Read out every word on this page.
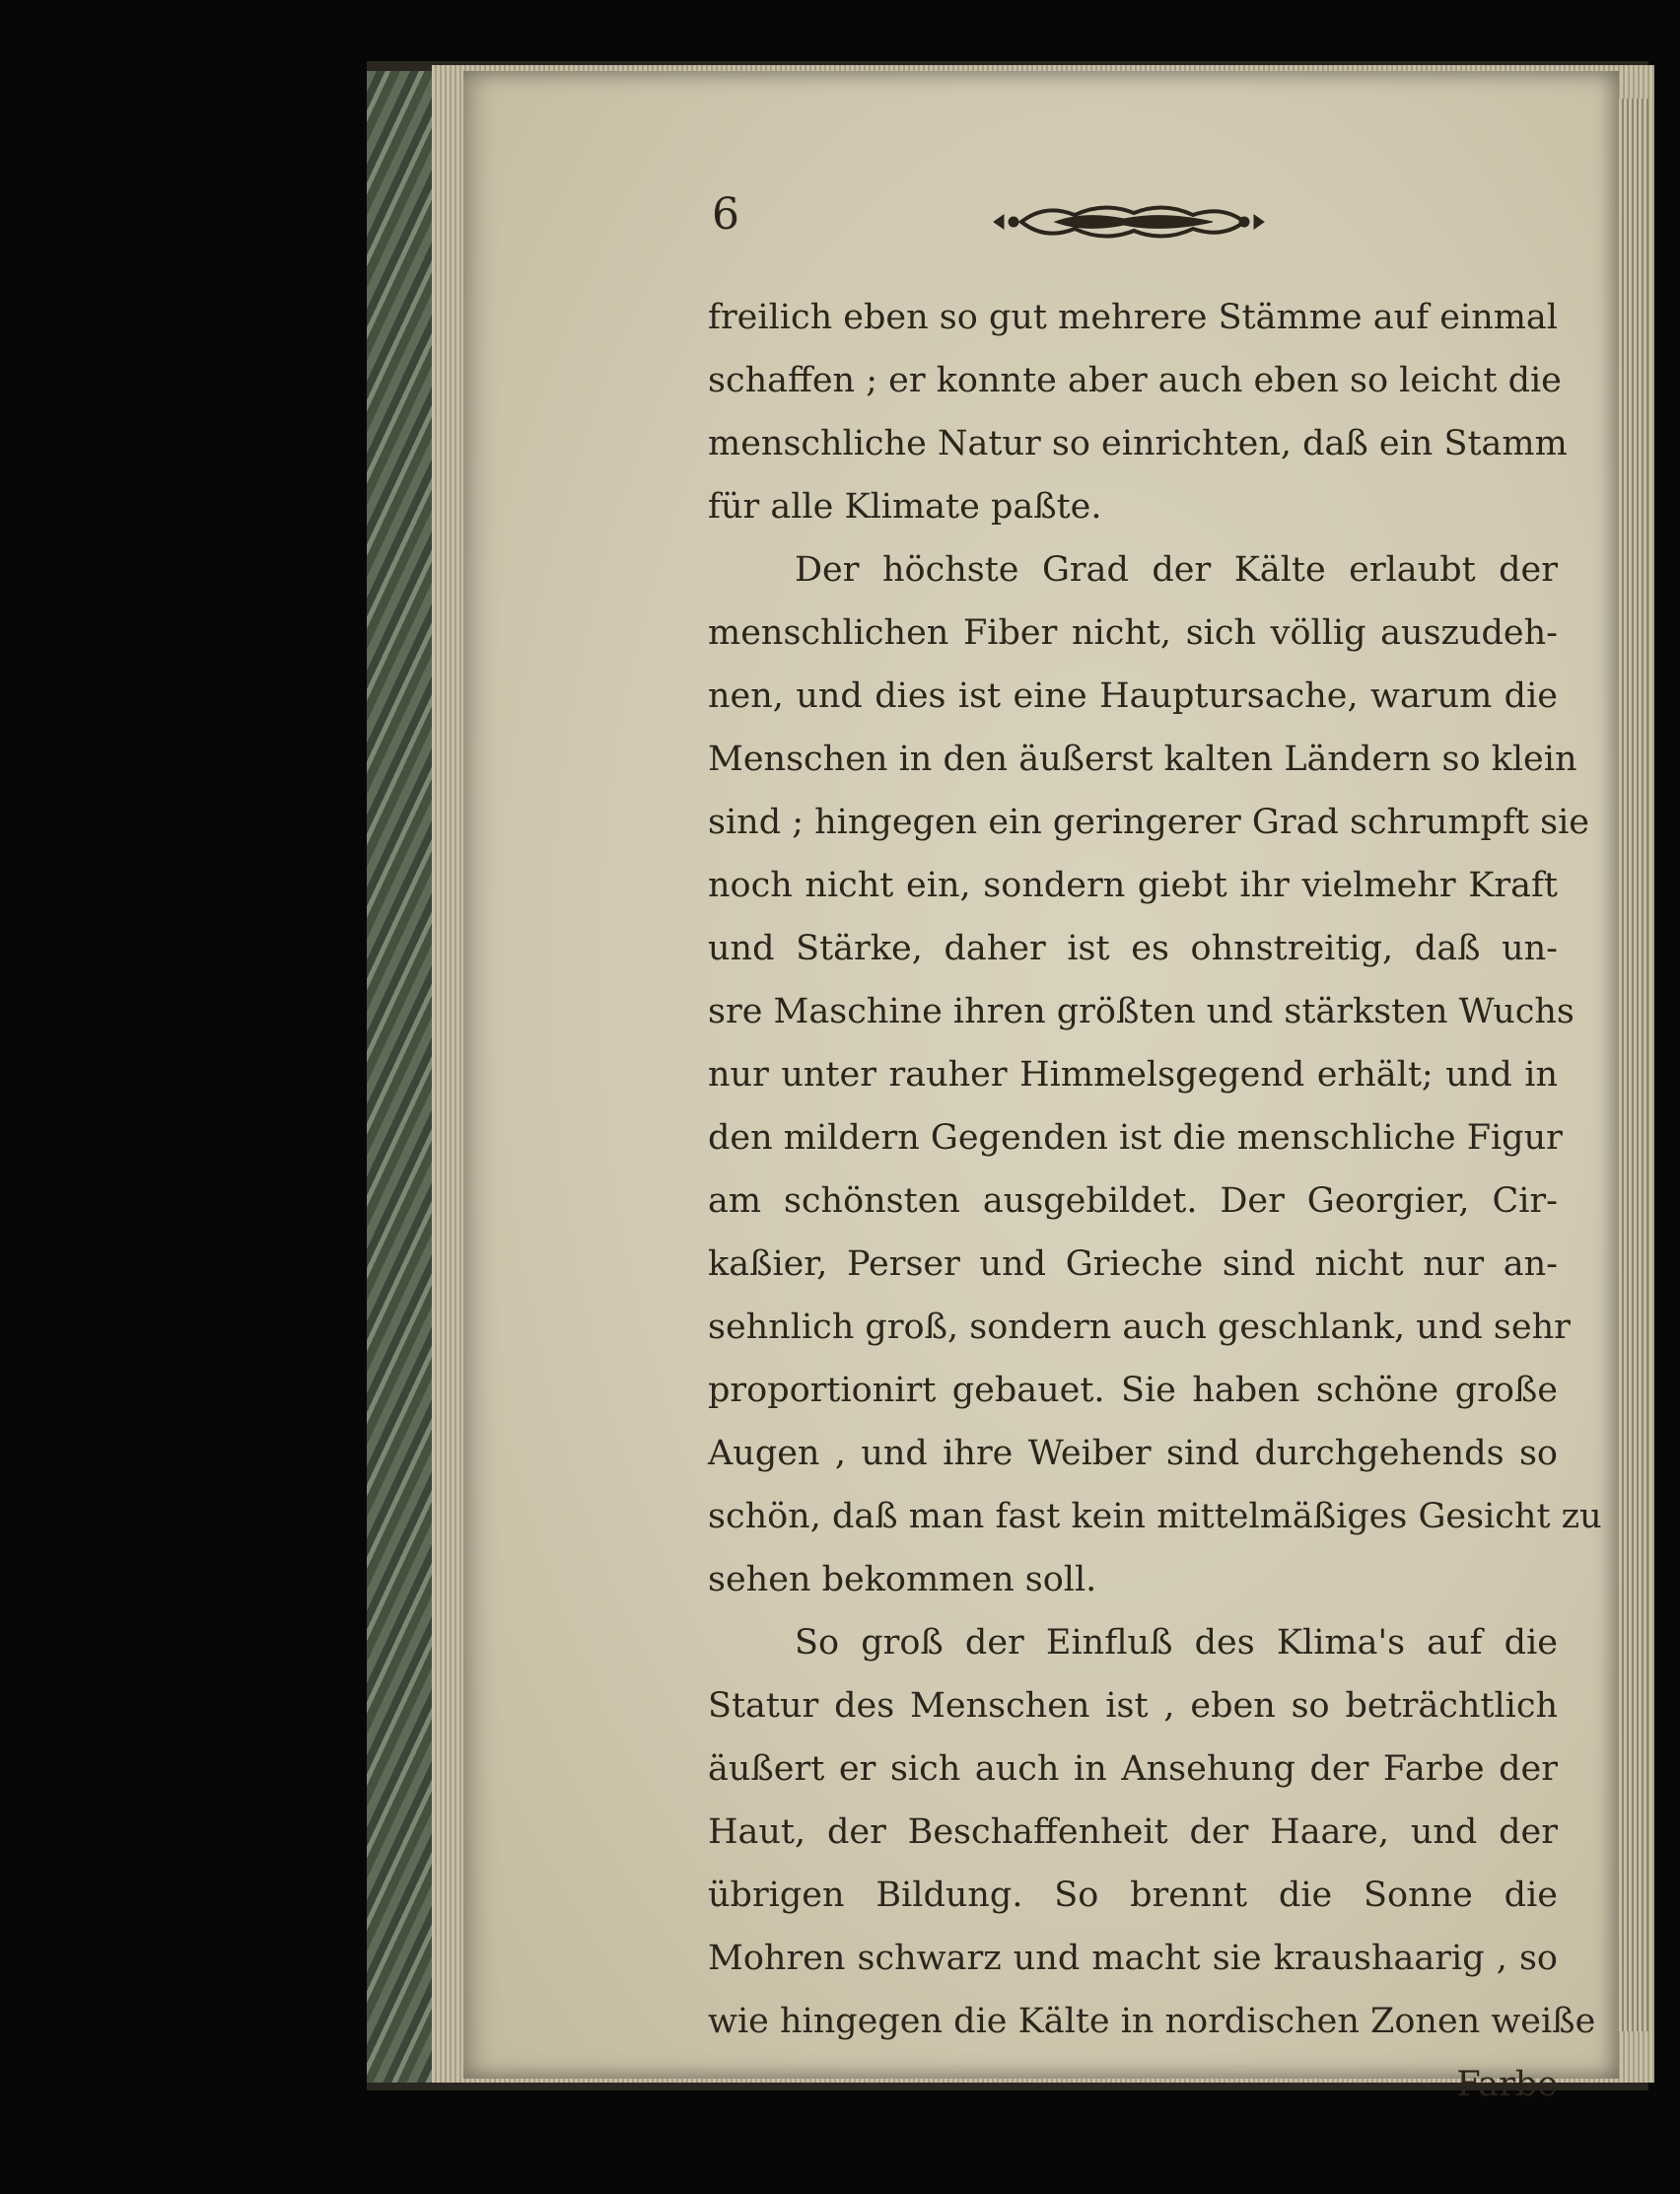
6
freilich eben so gut mehrere Stämme auf einmal
schaffen ; er konnte aber auch eben so leicht die
menschliche Natur so einrichten, daß ein Stamm
für alle Klimate paßte.
Der höchste Grad der Kälte erlaubt der
menschlichen Fiber nicht, sich völlig auszudeh-
nen, und dies ist eine Hauptursache, warum die
Menschen in den äußerst kalten Ländern so klein
sind ; hingegen ein geringerer Grad schrumpft sie
noch nicht ein, sondern giebt ihr vielmehr Kraft
und Stärke, daher ist es ohnstreitig, daß un-
sre Maschine ihren größten und stärksten Wuchs
nur unter rauher Himmelsgegend erhält; und in
den mildern Gegenden ist die menschliche Figur
am schönsten ausgebildet. Der Georgier, Cir-
kaßier, Perser und Grieche sind nicht nur an-
sehnlich groß, sondern auch geschlank, und sehr
proportionirt gebauet. Sie haben schöne große
Augen , und ihre Weiber sind durchgehends so
schön, daß man fast kein mittelmäßiges Gesicht zu
sehen bekommen soll.
So groß der Einfluß des Klima's auf die
Statur des Menschen ist , eben so beträchtlich
äußert er sich auch in Ansehung der Farbe der
Haut, der Beschaffenheit der Haare, und der
übrigen Bildung. So brennt die Sonne die
Mohren schwarz und macht sie kraushaarig , so
wie hingegen die Kälte in nordischen Zonen weiße
Farbe
